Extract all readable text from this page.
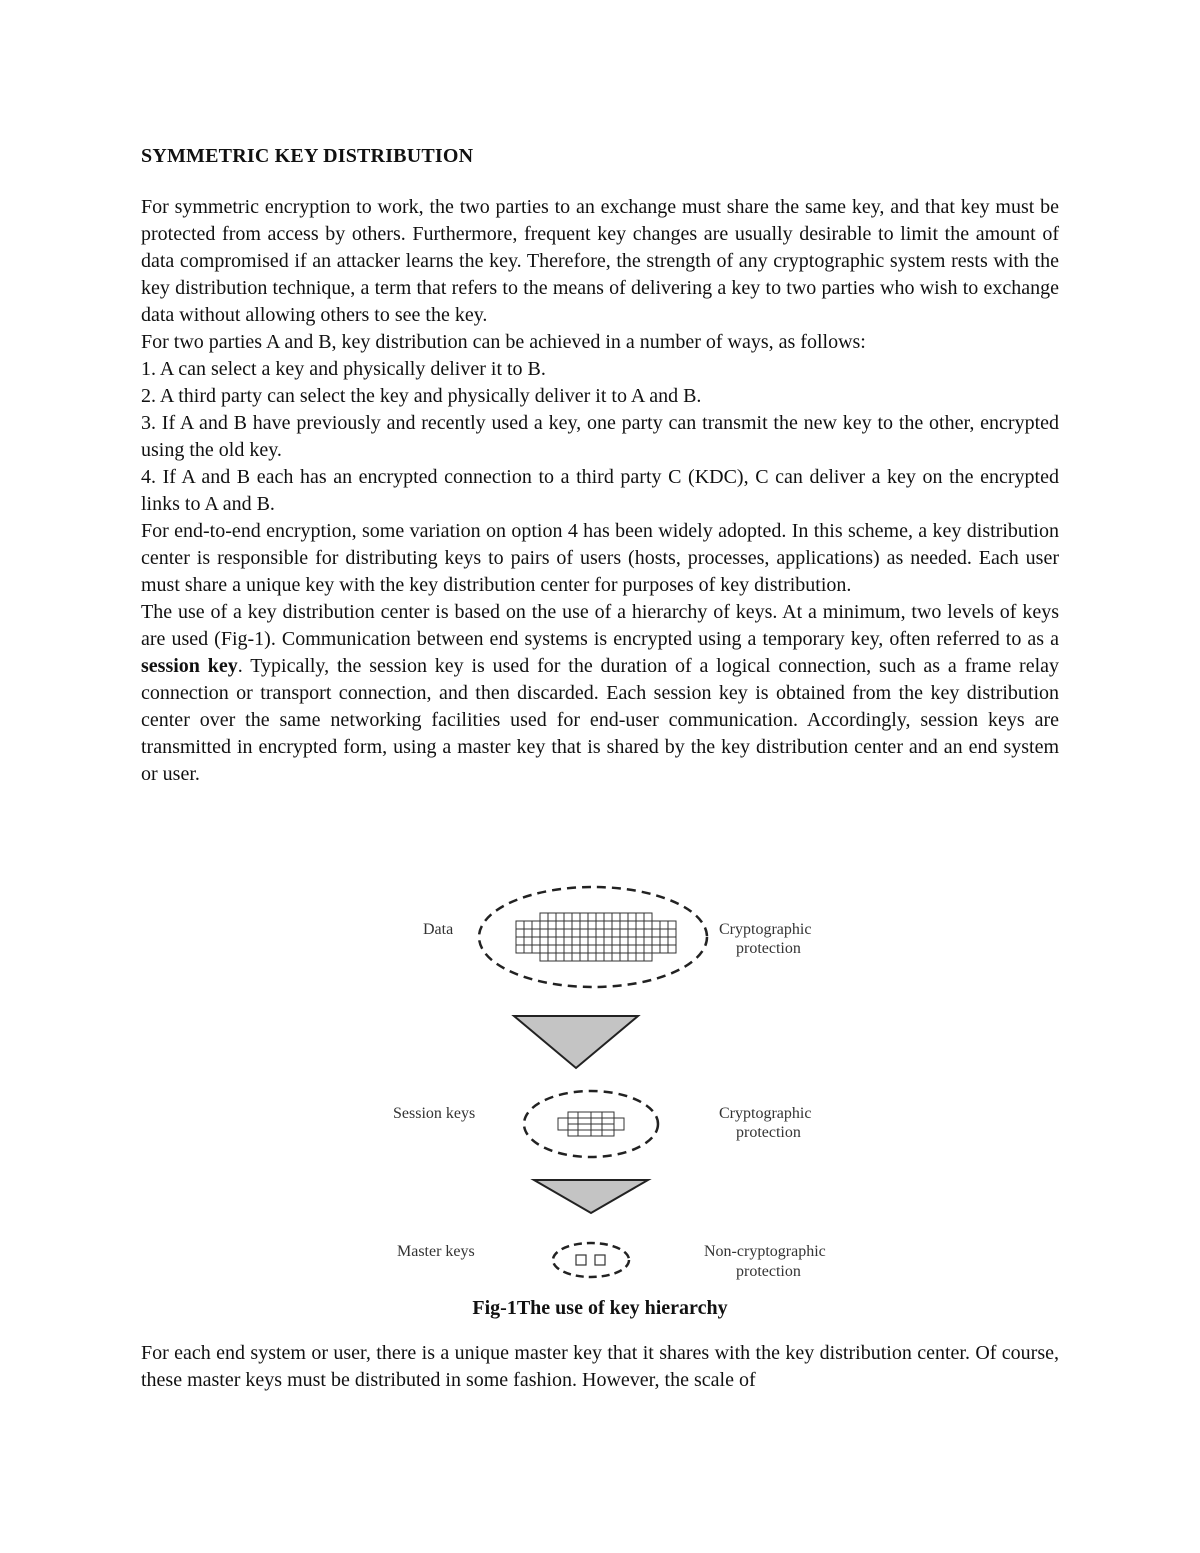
SYMMETRIC KEY DISTRIBUTION

For symmetric encryption to work, the two parties to an exchange must share the same key, and that key must be protected from access by others. Furthermore, frequent key changes are usually desirable to limit the amount of data compromised if an attacker learns the key. Therefore, the strength of any cryptographic system rests with the key distribution technique, a term that refers to the means of delivering a key to two parties who wish to exchange data without allowing others to see the key.

For two parties A and B, key distribution can be achieved in a number of ways, as follows:

1. A can select a key and physically deliver it to B.

2. A third party can select the key and physically deliver it to A and B.

3. If A and B have previously and recently used a key, one party can transmit the new key to the other, encrypted using the old key.

4. If A and B each has an encrypted connection to a third party C (KDC), C can deliver a key on the encrypted links to A and B.

For end-to-end encryption, some variation on option 4 has been widely adopted. In this scheme, a key distribution center is responsible for distributing keys to pairs of users (hosts, processes, applications) as needed. Each user must share a unique key with the key distribution center for purposes of key distribution.

The use of a key distribution center is based on the use of a hierarchy of keys. At a minimum, two levels of keys are used (Fig-1). Communication between end systems is encrypted using a temporary key, often referred to as a session key. Typically, the session key is used for the duration of a logical connection, such as a frame relay connection or transport connection, and then discarded. Each session key is obtained from the key distribution center over the same networking facilities used for end-user communication. Accordingly, session keys are transmitted in encrypted form, using a master key that is shared by the key distribution center and an end system or user.

Data	Cryptographic
protection
Session keys	Cryptographic
protection
Master keys	Non-cryptographic
protection
Fig-1The use of key hierarchy

For each end system or user, there is a unique master key that it shares with the key distribution center. Of course, these master keys must be distributed in some fashion. However, the scale of
